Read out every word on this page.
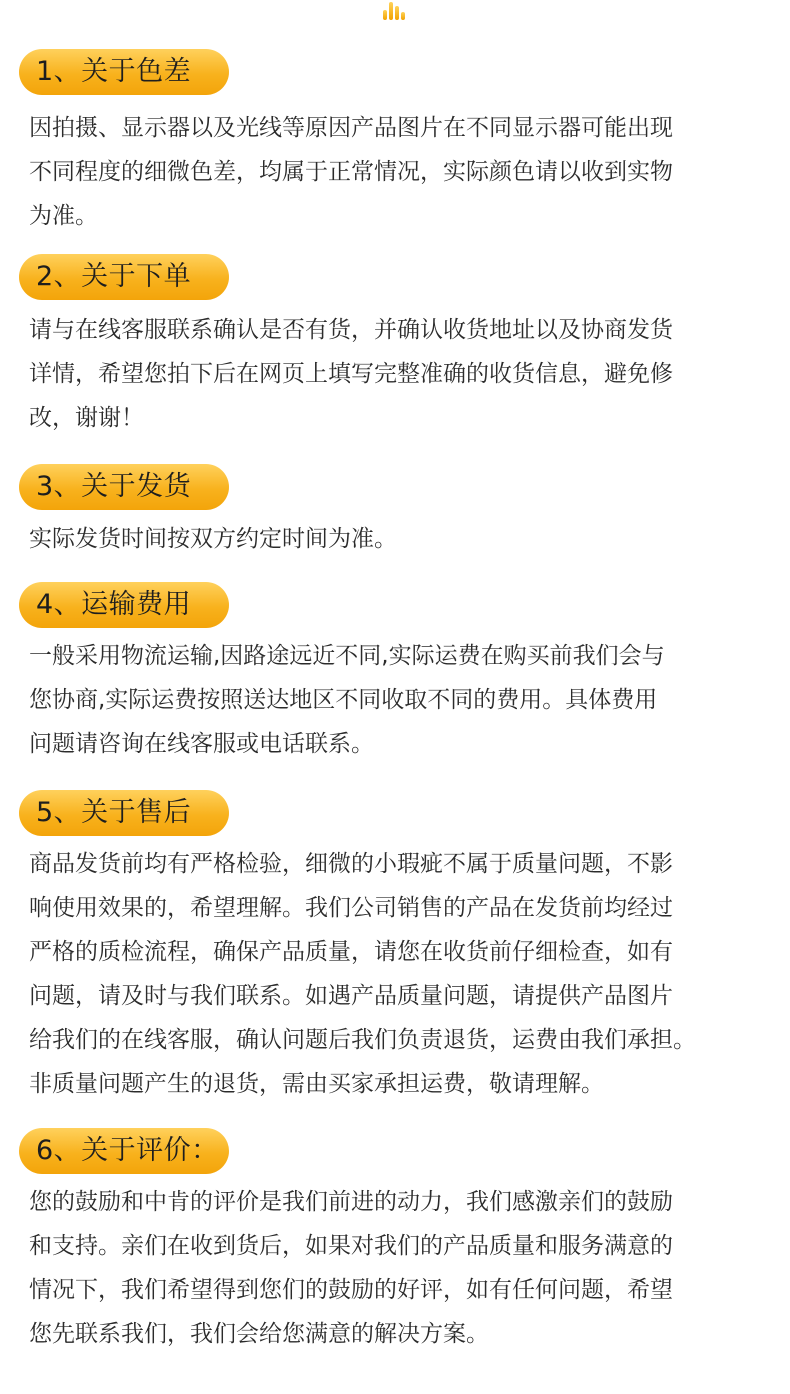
1、关于色差
因拍摄、显示器以及光线等原因产品图片在不同显示器可能出现
不同程度的细微色差，均属于正常情况，实际颜色请以收到实物
为准。
2、关于下单
请与在线客服联系确认是否有货，并确认收货地址以及协商发货
详情，希望您拍下后在网页上填写完整准确的收货信息，避免修
改，谢谢！
3、关于发货
实际发货时间按双方约定时间为准。
4、运输费用
一般采用物流运输,因路途远近不同,实际运费在购买前我们会与
您协商,实际运费按照送达地区不同收取不同的费用。具体费用
问题请咨询在线客服或电话联系。
5、关于售后
商品发货前均有严格检验，细微的小瑕疵不属于质量问题，不影
响使用效果的，希望理解。我们公司销售的产品在发货前均经过
严格的质检流程，确保产品质量，请您在收货前仔细检查，如有
问题，请及时与我们联系。如遇产品质量问题，请提供产品图片
给我们的在线客服，确认问题后我们负责退货，运费由我们承担。
非质量问题产生的退货，需由买家承担运费，敬请理解。
6、关于评价：
您的鼓励和中肯的评价是我们前进的动力，我们感激亲们的鼓励
和支持。亲们在收到货后，如果对我们的产品质量和服务满意的
情况下，我们希望得到您们的鼓励的好评，如有任何问题，希望
您先联系我们，我们会给您满意的解决方案。
